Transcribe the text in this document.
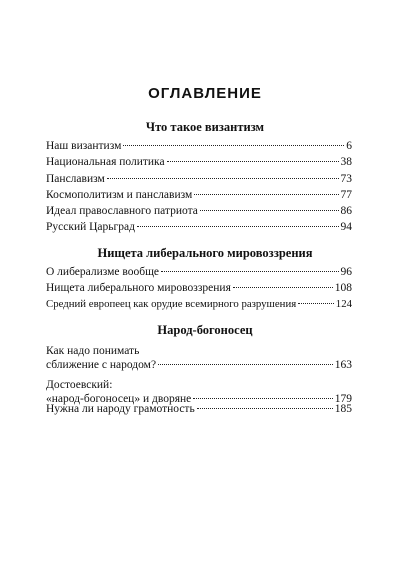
ОГЛАВЛЕНИЕ
Что такое византизм
Наш византизм	6
Национальная политика	38
Панславизм	73
Космополитизм и панславизм	77
Идеал православного патриота	86
Русский Царьград	94
Нищета либерального мировоззрения
О либерализме вообще	96
Нищета либерального мировоззрения	108
Средний европеец как орудие всемирного разрушения	124
Народ-богоносец
Как надо понимать
сближение с народом?	163
Достоевский:
«народ-богоносец» и дворяне	179
Нужна ли народу грамотность	185
